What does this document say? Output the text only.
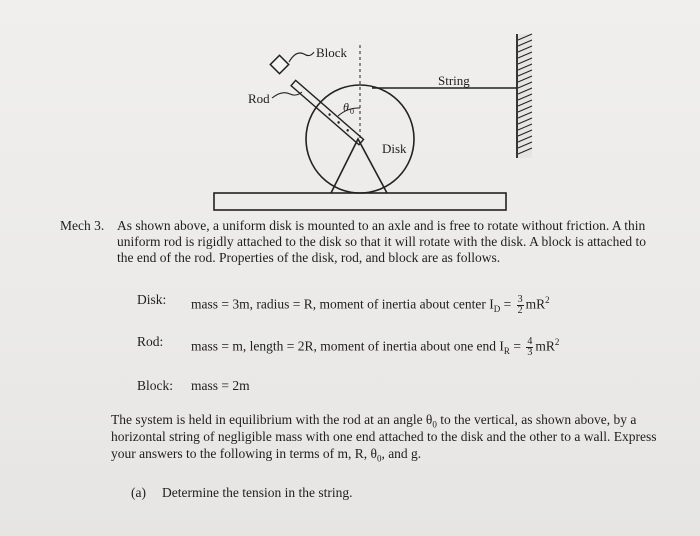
Block
String
Rod
θ 0
Disk
Mech 3. As shown above, a uniform disk is mounted to an axle and is free to rotate without friction. A thin
uniform rod is rigidly attached to the disk so that it will rotate with the disk. A block is attached to
the end of the rod. Properties of the disk, rod, and block are as follows.
Disk: mass = 3m, radius = R, moment of inertia about center $I_D = \frac{3}{2} mR^2$
Rod: mass = m, length = 2R, moment of inertia about one end $I_R = \frac{4}{3} mR^2$
Block: mass = 2m
The system is held in equilibrium with the rod at an angle $\theta_0$ to the vertical, as shown above, by a
horizontal string of negligible mass with one end attached to the disk and the other to a wall. Express
your answers to the following in terms of m, R, $\theta_0$, and g.
(a) Determine the tension in the string.
